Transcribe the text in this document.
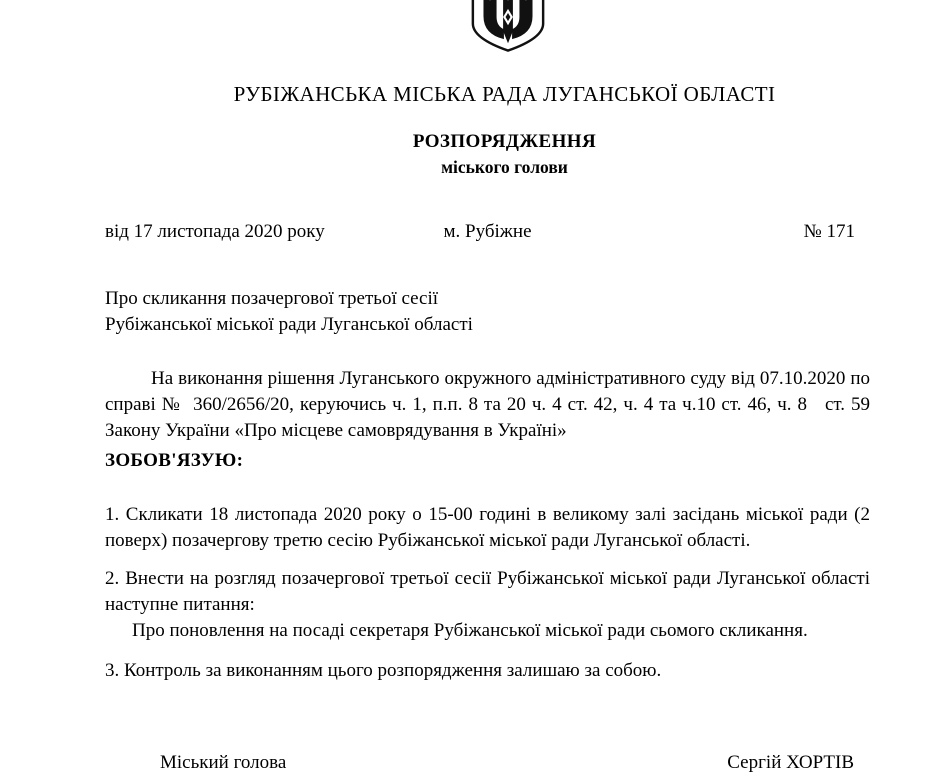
РУБІЖАНСЬКА МІСЬКА РАДА ЛУГАНСЬКОЇ ОБЛАСТІ
РОЗПОРЯДЖЕННЯ
міського голови
від 17 листопада 2020 року	м. Рубіжне	№ 171
Про скликання позачергової третьої сесії
Рубіжанської міської ради Луганської області
На виконання рішення Луганського окружного адміністративного суду від 07.10.2020 по справі №  360/2656/20, керуючись ч. 1, п.п. 8 та 20 ч. 4 ст. 42, ч. 4 та ч.10 ст. 46, ч. 8   ст. 59 Закону України «Про місцеве самоврядування в Україні»
ЗОБОВ'ЯЗУЮ:
1. Скликати 18 листопада 2020 року о 15-00 годині в великому залі засідань міської ради (2 поверх) позачергову третю сесію Рубіжанської міської ради Луганської області.
2. Внести на розгляд позачергової третьої сесії Рубіжанської міської ради Луганської області наступне питання:
Про поновлення на посаді секретаря Рубіжанської міської ради сьомого скликання.
3. Контроль за виконанням цього розпорядження залишаю за собою.
Міський голова	Сергій ХОРТІВ
